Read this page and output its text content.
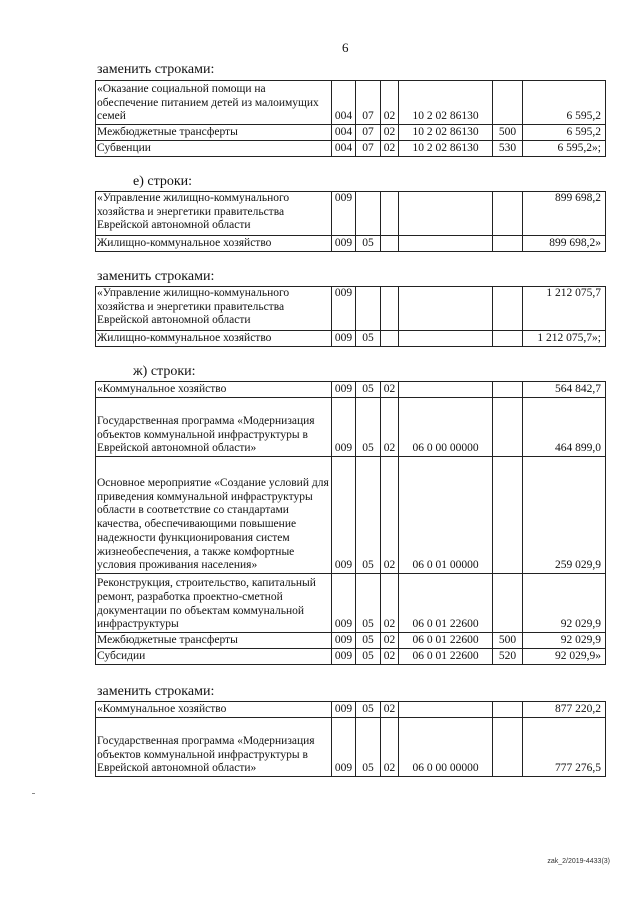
6
заменить строками:
«Оказание социальной помощи на обеспечение питанием детей из малоимущих семей	004	07	02	10 2 02 86130		6 595,2
Межбюджетные трансферты	004	07	02	10 2 02 86130	500	6 595,2
Субвенции	004	07	02	10 2 02 86130	530	6 595,2»;
е) строки:
«Управление жилищно-коммунального хозяйства и энергетики правительства Еврейской автономной области	009					899 698,2
Жилищно-коммунальное хозяйство	009	05				899 698,2»
заменить строками:
«Управление жилищно-коммунального хозяйства и энергетики правительства Еврейской автономной области	009					1 212 075,7
Жилищно-коммунальное хозяйство	009	05				1 212 075,7»;
ж) строки:
«Коммунальное хозяйство	009	05	02			564 842,7
Государственная программа «Модернизация объектов коммунальной инфраструктуры в Еврейской автономной области»	009	05	02	06 0 00 00000		464 899,0
Основное мероприятие «Создание условий для приведения коммунальной инфраструктуры области в соответствие со стандартами качества, обеспечивающими повышение надежности функционирования систем жизнеобеспечения, а также комфортные условия проживания населения»	009	05	02	06 0 01 00000		259 029,9
Реконструкция, строительство, капитальный ремонт, разработка проектно-сметной документации по объектам коммунальной инфраструктуры	009	05	02	06 0 01 22600		92 029,9
Межбюджетные трансферты	009	05	02	06 0 01 22600	500	92 029,9
Субсидии	009	05	02	06 0 01 22600	520	92 029,9»
заменить строками:
«Коммунальное хозяйство	009	05	02			877 220,2
Государственная программа «Модернизация объектов коммунальной инфраструктуры в Еврейской автономной области»	009	05	02	06 0 00 00000		777 276,5
zak_2/2019-4433(3)
